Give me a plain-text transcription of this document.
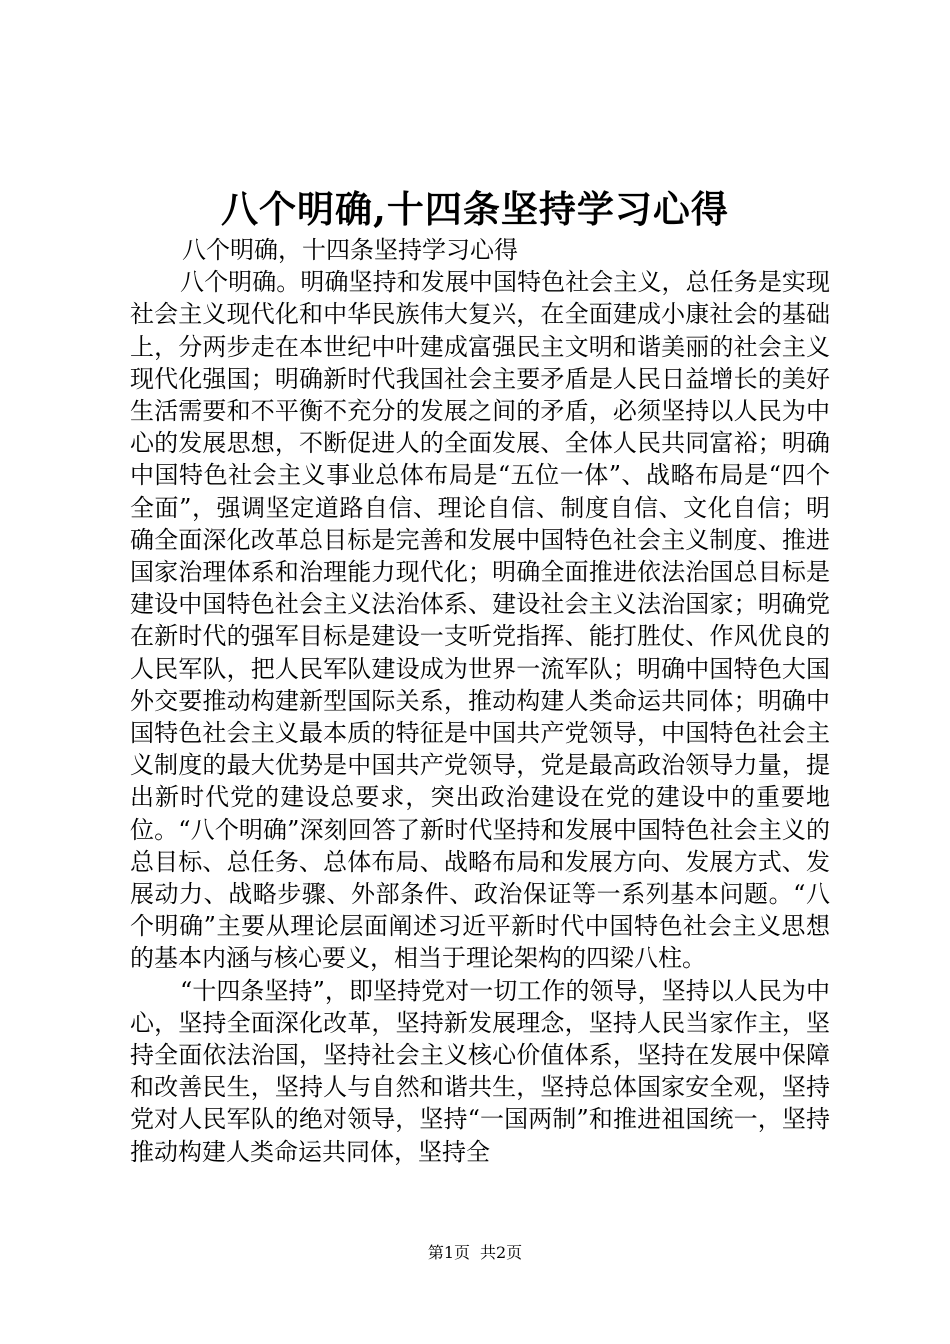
八个明确,十四条坚持学习心得

八个明确，十四条坚持学习心得

八个明确。明确坚持和发展中国特色社会主义，总任务是实现社会主义现代化和中华民族伟大复兴，在全面建成小康社会的基础上，分两步走在本世纪中叶建成富强民主文明和谐美丽的社会主义现代化强国；明确新时代我国社会主要矛盾是人民日益增长的美好生活需要和不平衡不充分的发展之间的矛盾，必须坚持以人民为中心的发展思想，不断促进人的全面发展、全体人民共同富裕；明确中国特色社会主义事业总体布局是“五位一体”、战略布局是“四个全面”，强调坚定道路自信、理论自信、制度自信、文化自信；明确全面深化改革总目标是完善和发展中国特色社会主义制度、推进国家治理体系和治理能力现代化；明确全面推进依法治国总目标是建设中国特色社会主义法治体系、建设社会主义法治国家；明确党在新时代的强军目标是建设一支听党指挥、能打胜仗、作风优良的人民军队，把人民军队建设成为世界一流军队；明确中国特色大国外交要推动构建新型国际关系，推动构建人类命运共同体；明确中国特色社会主义最本质的特征是中国共产党领导，中国特色社会主义制度的最大优势是中国共产党领导，党是最高政治领导力量，提出新时代党的建设总要求，突出政治建设在党的建设中的重要地位。“八个明确”深刻回答了新时代坚持和发展中国特色社会主义的总目标、总任务、总体布局、战略布局和发展方向、发展方式、发展动力、战略步骤、外部条件、政治保证等一系列基本问题。“八个明确”主要从理论层面阐述习近平新时代中国特色社会主义思想的基本内涵与核心要义，相当于理论架构的四梁八柱。

“十四条坚持”，即坚持党对一切工作的领导，坚持以人民为中心，坚持全面深化改革，坚持新发展理念，坚持人民当家作主，坚持全面依法治国，坚持社会主义核心价值体系，坚持在发展中保障和改善民生，坚持人与自然和谐共生，坚持总体国家安全观，坚持党对人民军队的绝对领导，坚持“一国两制”和推进祖国统一，坚持推动构建人类命运共同体，坚持全

第1页 共2页
